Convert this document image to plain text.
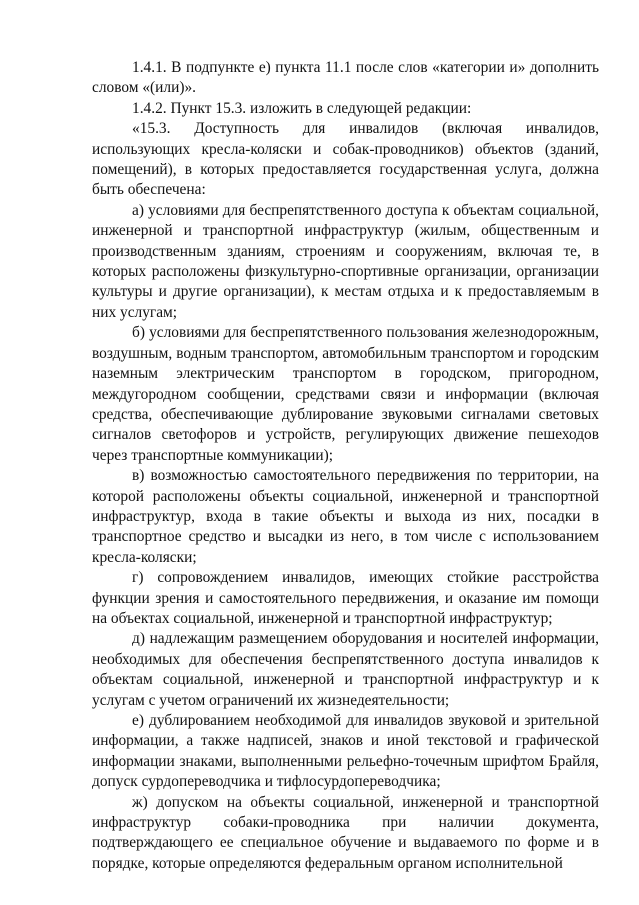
1.4.1. В подпункте е) пункта 11.1 после слов «категории и» дополнить словом «(или)».

1.4.2. Пункт 15.3. изложить в следующей редакции:

«15.3. Доступность для инвалидов (включая инвалидов, использующих кресла-коляски и собак-проводников) объектов (зданий, помещений), в которых предоставляется государственная услуга, должна быть обеспечена:

а) условиями для беспрепятственного доступа к объектам социальной, инженерной и транспортной инфраструктур (жилым, общественным и производственным зданиям, строениям и сооружениям, включая те, в которых расположены физкультурно-спортивные организации, организации культуры и другие организации), к местам отдыха и к предоставляемым в них услугам;

б) условиями для беспрепятственного пользования железнодорожным, воздушным, водным транспортом, автомобильным транспортом и городским наземным электрическим транспортом в городском, пригородном, междугородном сообщении, средствами связи и информации (включая средства, обеспечивающие дублирование звуковыми сигналами световых сигналов светофоров и устройств, регулирующих движение пешеходов через транспортные коммуникации);

в) возможностью самостоятельного передвижения по территории, на которой расположены объекты социальной, инженерной и транспортной инфраструктур, входа в такие объекты и выхода из них, посадки в транспортное средство и высадки из него, в том числе с использованием кресла-коляски;

г) сопровождением инвалидов, имеющих стойкие расстройства функции зрения и самостоятельного передвижения, и оказание им помощи на объектах социальной, инженерной и транспортной инфраструктур;

д) надлежащим размещением оборудования и носителей информации, необходимых для обеспечения беспрепятственного доступа инвалидов к объектам социальной, инженерной и транспортной инфраструктур и к услугам с учетом ограничений их жизнедеятельности;

е) дублированием необходимой для инвалидов звуковой и зрительной информации, а также надписей, знаков и иной текстовой и графической информации знаками, выполненными рельефно-точечным шрифтом Брайля, допуск сурдопереводчика и тифлосурдопереводчика;

ж) допуском на объекты социальной, инженерной и транспортной инфраструктур собаки-проводника при наличии документа, подтверждающего ее специальное обучение и выдаваемого по форме и в порядке, которые определяются федеральным органом исполнительной
